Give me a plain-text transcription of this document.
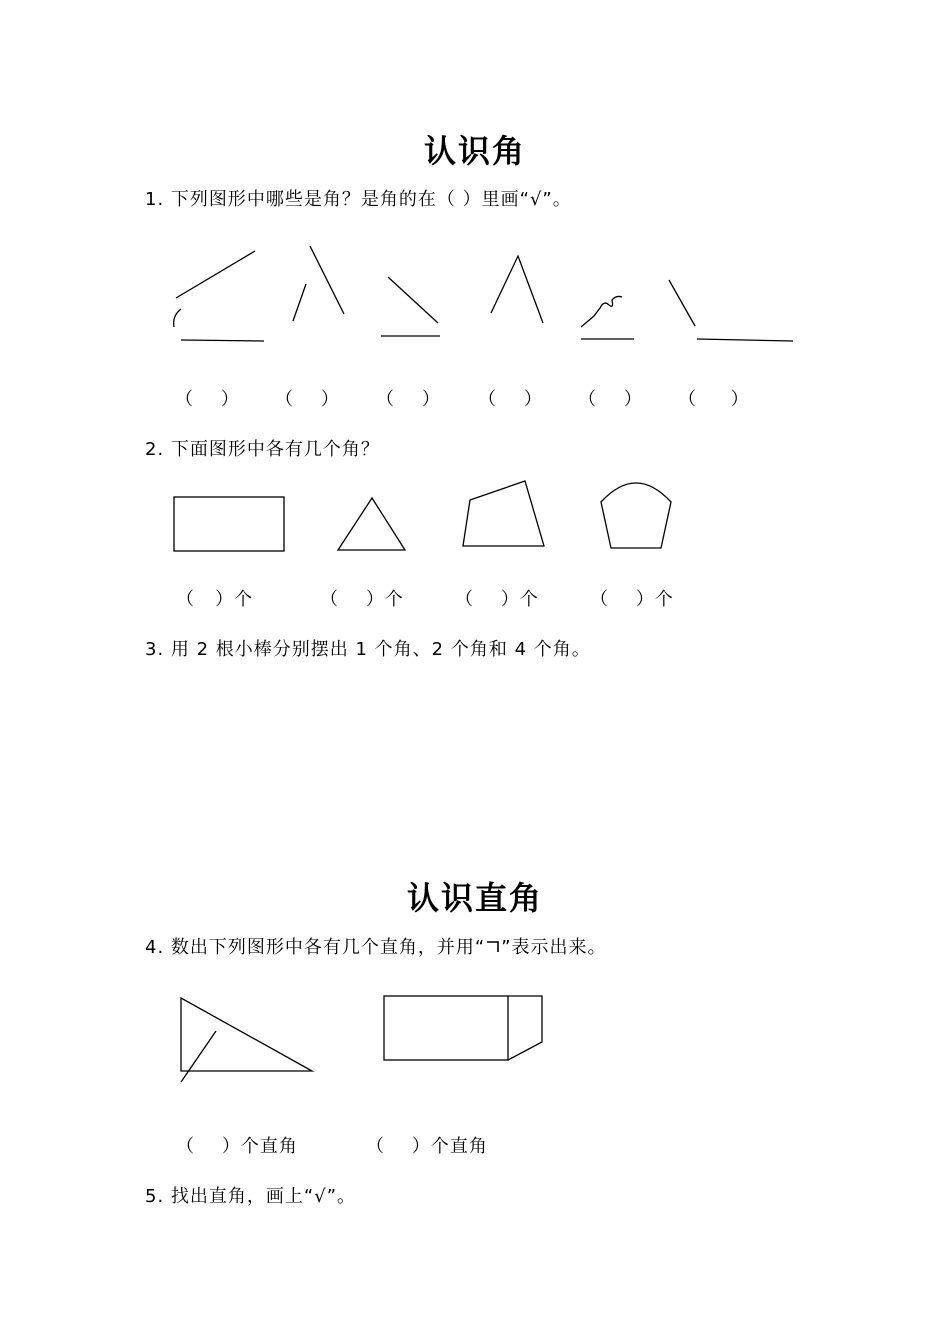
认识角
1. 下列图形中哪些是角？是角的在（ ）里画“√”。
（    ） （    ） （    ） （    ） （    ） （     ）
2. 下面图形中各有几个角？
（   ）个	（    ）个	（    ）个	（    ）个
3. 用 2 根小棒分别摆出 1 个角、2 个角和 4 个角。
认识直角
4. 数出下列图形中各有几个直角，并用“ ”表示出来。
（    ）个直角	（    ）个直角
5. 找出直角，画上“√”。
